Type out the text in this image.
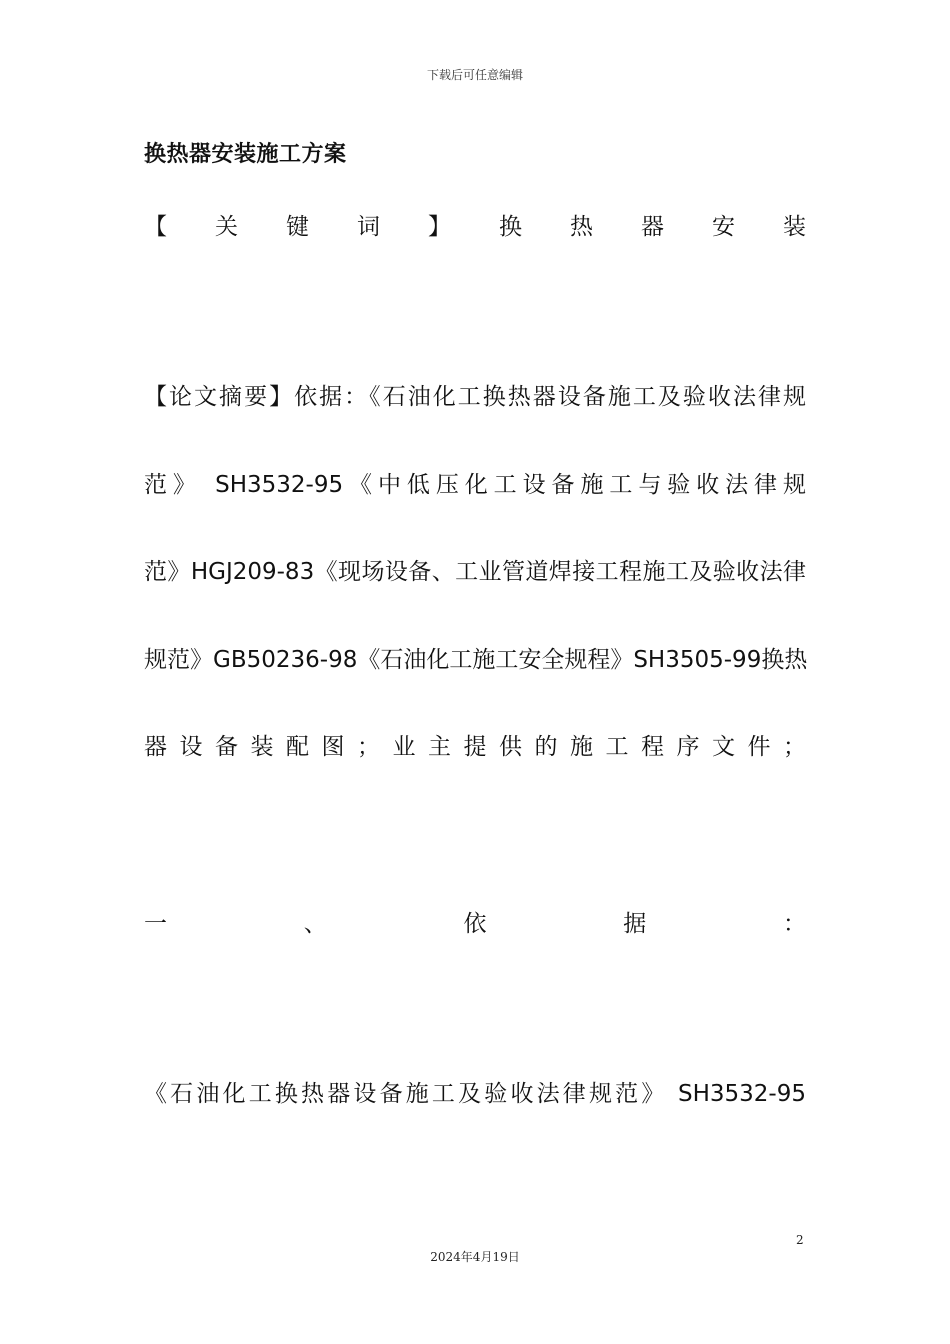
下载后可任意编辑
换热器安装施工方案
【 关 键 词 】 换 热 器 安 装
【论文摘要】依据：《石油化工换热器设备施工及验收法律规
范》 SH3532-95《中低压化工设备施工与验收法律规
范》HGJ209-83《现场设备、工业管道焊接工程施工及验收法律
规范》GB50236-98《石油化工施工安全规程》SH3505-99换热
器设备装配图；业主提供的施工程序文件；
一	、	依	据	：
《石油化工换热器设备施工及验收法律规范》 SH3532-95
2
2024年4月19日
